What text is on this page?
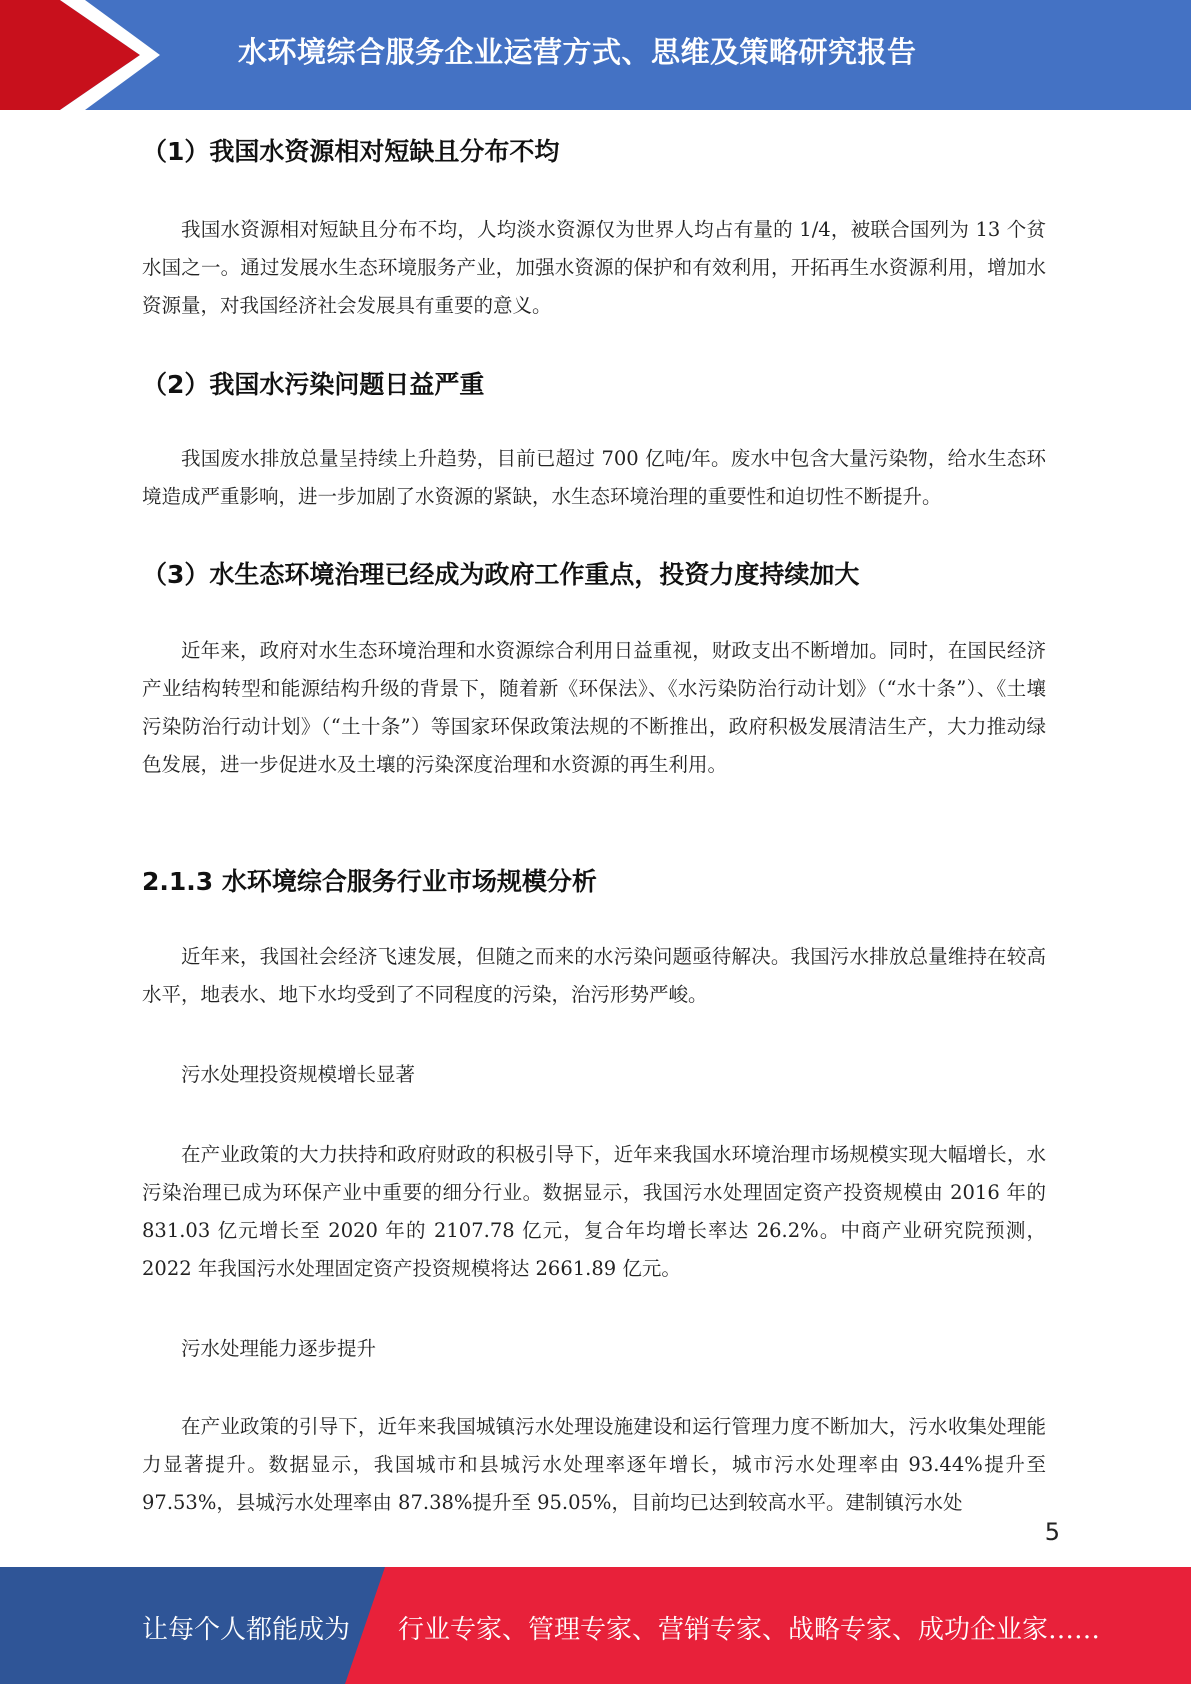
水环境综合服务企业运营方式、思维及策略研究报告
（1）我国水资源相对短缺且分布不均
我国水资源相对短缺且分布不均，人均淡水资源仅为世界人均占有量的 1/4，被联合国列为 13 个贫水国之一。通过发展水生态环境服务产业，加强水资源的保护和有效利用，开拓再生水资源利用，增加水资源量，对我国经济社会发展具有重要的意义。
（2）我国水污染问题日益严重
我国废水排放总量呈持续上升趋势，目前已超过 700 亿吨/年。废水中包含大量污染物，给水生态环境造成严重影响，进一步加剧了水资源的紧缺，水生态环境治理的重要性和迫切性不断提升。
（3）水生态环境治理已经成为政府工作重点，投资力度持续加大
近年来，政府对水生态环境治理和水资源综合利用日益重视，财政支出不断增加。同时，在国民经济产业结构转型和能源结构升级的背景下，随着新《环保法》、《水污染防治行动计划》（“水十条”）、《土壤污染防治行动计划》（“土十条”）等国家环保政策法规的不断推出，政府积极发展清洁生产，大力推动绿色发展，进一步促进水及土壤的污染深度治理和水资源的再生利用。
2.1.3 水环境综合服务行业市场规模分析
近年来，我国社会经济飞速发展，但随之而来的水污染问题亟待解决。我国污水排放总量维持在较高水平，地表水、地下水均受到了不同程度的污染，治污形势严峻。
污水处理投资规模增长显著
在产业政策的大力扶持和政府财政的积极引导下，近年来我国水环境治理市场规模实现大幅增长，水污染治理已成为环保产业中重要的细分行业。数据显示，我国污水处理固定资产投资规模由 2016 年的 831.03 亿元增长至 2020 年的 2107.78 亿元，复合年均增长率达 26.2%。中商产业研究院预测，2022 年我国污水处理固定资产投资规模将达 2661.89 亿元。
污水处理能力逐步提升
在产业政策的引导下，近年来我国城镇污水处理设施建设和运行管理力度不断加大，污水收集处理能力显著提升。数据显示，我国城市和县城污水处理率逐年增长，城市污水处理率由 93.44%提升至 97.53%，县城污水处理率由 87.38%提升至 95.05%，目前均已达到较高水平。建制镇污水处
5
让每个人都能成为 行业专家、管理专家、营销专家、战略专家、成功企业家……
